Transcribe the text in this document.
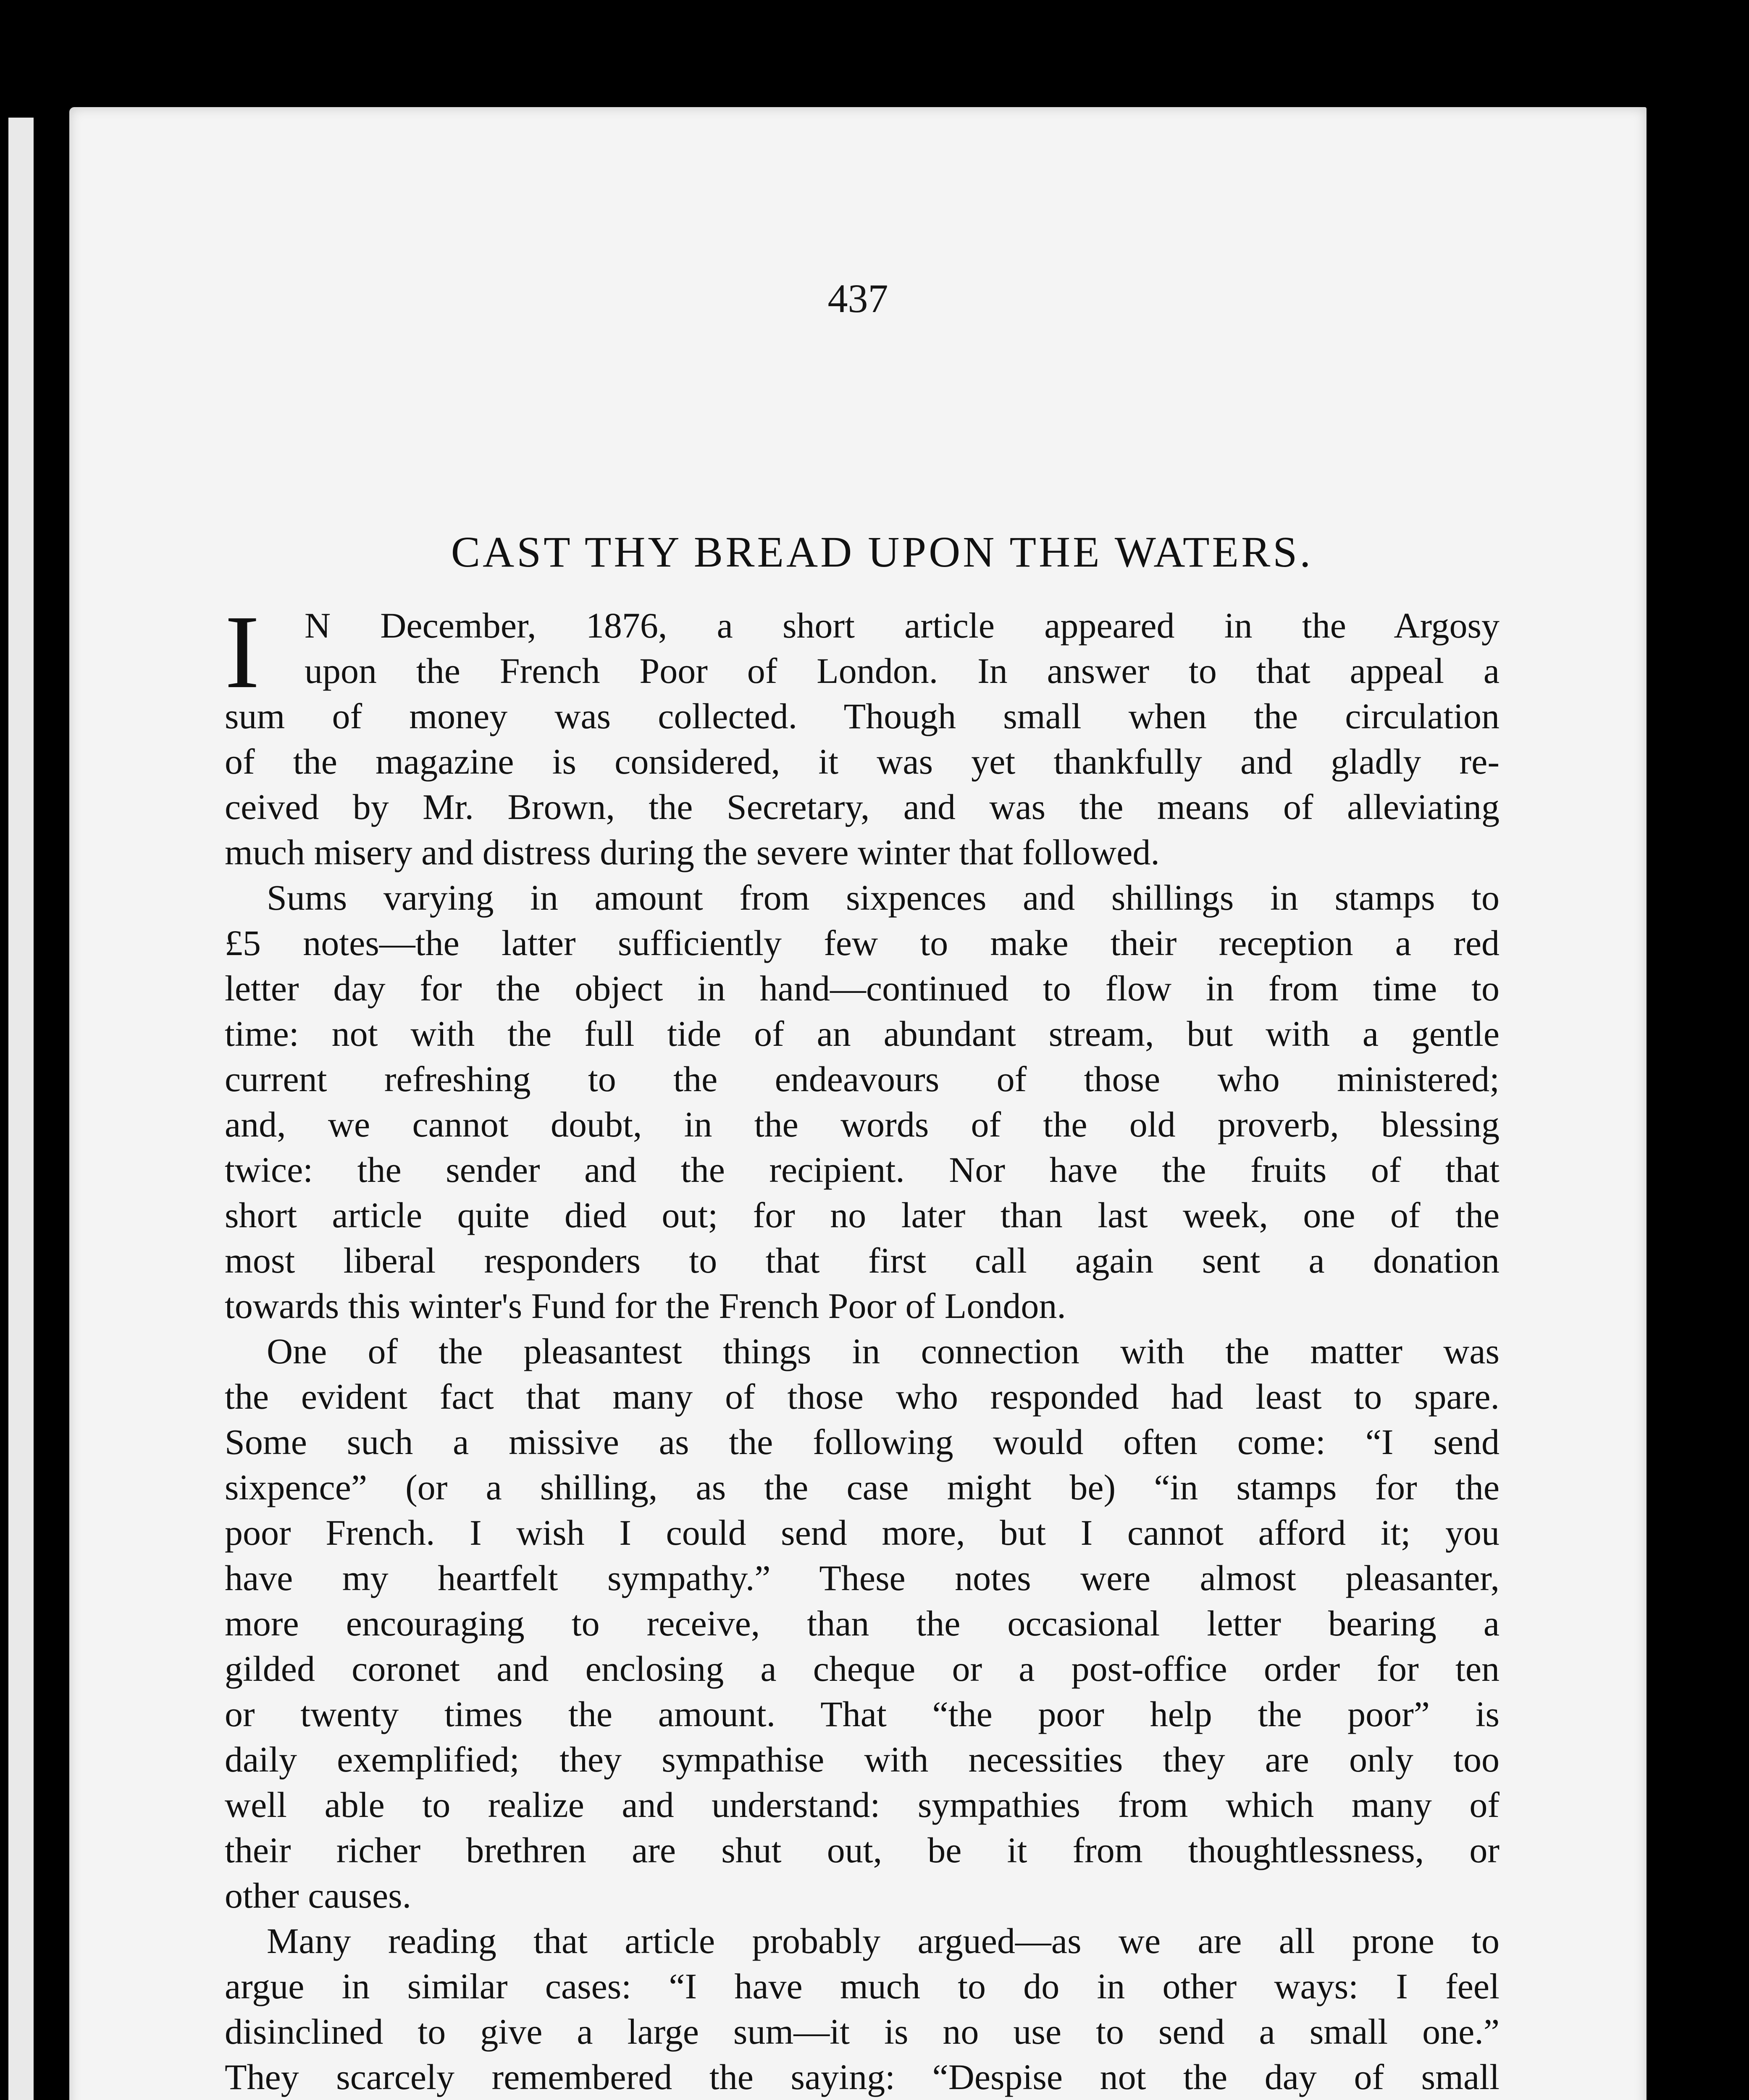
437
CAST THY BREAD UPON THE WATERS.
I	N December, 1876, a short article appeared in the Argosy
upon the French Poor of London. In answer to that appeal a
sum of money was collected. Though small when the circulation
of the magazine is considered, it was yet thankfully and gladly re-
ceived by Mr. Brown, the Secretary, and was the means of alleviating
much misery and distress during the severe winter that followed.
Sums varying in amount from sixpences and shillings in stamps to
£5 notes—the latter sufficiently few to make their reception a red
letter day for the object in hand—continued to flow in from time to
time: not with the full tide of an abundant stream, but with a gentle
current refreshing to the endeavours of those who ministered;
and, we cannot doubt, in the words of the old proverb, blessing
twice: the sender and the recipient. Nor have the fruits of that
short article quite died out; for no later than last week, one of the
most liberal responders to that first call again sent a donation
towards this winter's Fund for the French Poor of London.
One of the pleasantest things in connection with the matter was
the evident fact that many of those who responded had least to spare.
Some such a missive as the following would often come: “I send
sixpence” (or a shilling, as the case might be) “in stamps for the
poor French. I wish I could send more, but I cannot afford it; you
have my heartfelt sympathy.” These notes were almost pleasanter,
more encouraging to receive, than the occasional letter bearing a
gilded coronet and enclosing a cheque or a post-office order for ten
or twenty times the amount. That “the poor help the poor” is
daily exemplified; they sympathise with necessities they are only too
well able to realize and understand: sympathies from which many of
their richer brethren are shut out, be it from thoughtlessness, or
other causes.
Many reading that article probably argued—as we are all prone to
argue in similar cases: “I have much to do in other ways: I feel
disinclined to give a large sum—it is no use to send a small one.”
They scarcely remembered the saying: “Despise not the day of small
